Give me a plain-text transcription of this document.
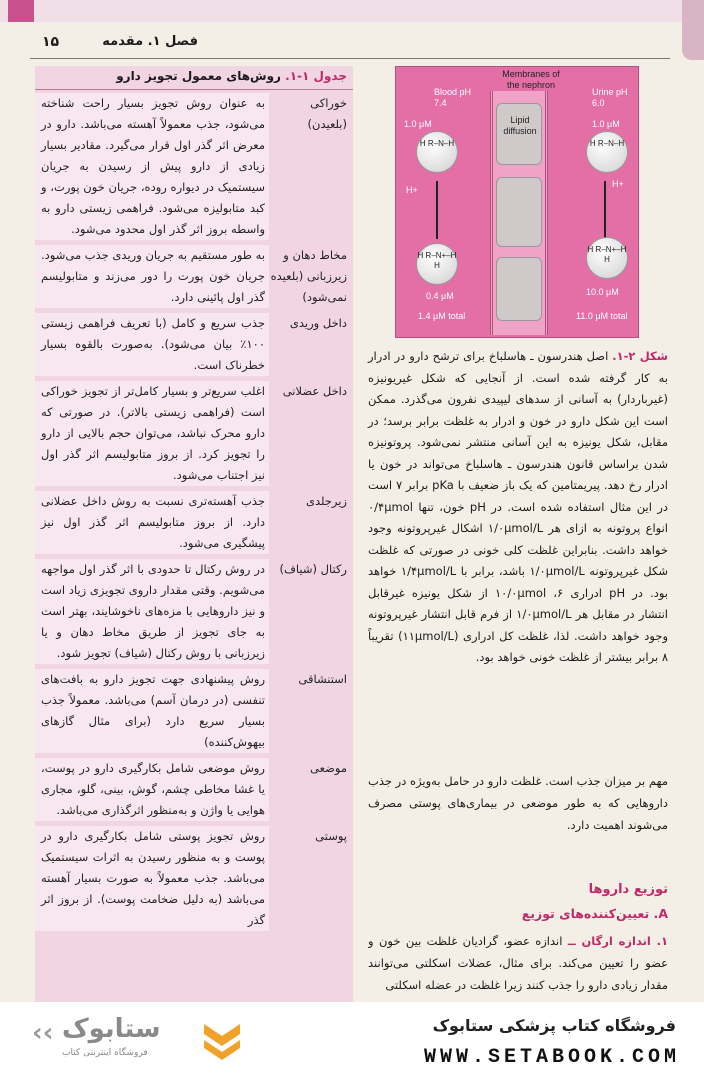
۱۵	فصل ۱. مقدمه
جدول ۱-۱. روش‌های معمول تجویز دارو
خوراکی (بلعیدن)
به عنوان روش تجویز بسیار راحت شناخته می‌شود، جذب معمولاً آهسته می‌باشد. دارو در معرض اثر گذر اول قرار می‌گیرد. مقادیر بسیار زیادی از دارو پیش از رسیدن به جریان سیستمیک در دیواره روده، جریان خون پورت، و کبد متابولیزه می‌شود. فراهمی زیستی دارو به واسطه بروز اثر گذر اول محدود می‌شود.
مخاط دهان و زیرزبانی (بلعیده نمی‌شود)
به طور مستقیم به جریان وریدی جذب می‌شود. جریان خون پورت را دور می‌زند و متابولیسم گذر اول پائینی دارد.
داخل وریدی
جذب سریع و کامل (با تعریف فراهمی زیستی ۱۰۰٪ بیان می‌شود). به‌صورت بالقوه بسیار خطرناک است.
داخل عضلانی
اغلب سریع‌تر و بسیار کامل‌تر از تجویز خوراکی است (فراهمی زیستی بالاتر). در صورتی که دارو محرک نباشد، می‌توان حجم بالایی از دارو را تجویز کرد. از بروز متابولیسم اثر گذر اول نیز اجتناب می‌شود.
زیرجلدی
جذب آهسته‌تری نسبت به روش داخل عضلانی دارد. از بروز متابولیسم اثر گذر اول نیز پیشگیری می‌شود.
رکتال (شیاف)
در روش رکتال تا حدودی با اثر گذر اول مواجهه می‌شویم. وقتی مقدار داروی تجویزی زیاد است و نیز داروهایی با مزه‌های ناخوشایند، بهتر است به جای تجویز از طریق مخاط دهان و یا زیرزبانی با روش رکتال (شیاف) تجویز شود.
استنشاقی
روش پیشنهادی جهت تجویز دارو به بافت‌های تنفسی (در درمان آسم) می‌باشد. معمولاً جذب بسیار سریع دارد (برای مثال گازهای بیهوش‌کننده)
موضعی
روش موضعی شامل بکارگیری دارو در پوست، یا غشا مخاطی چشم، گوش، بینی، گلو، مجاری هوایی یا واژن و به‌منظور اثرگذاری می‌باشد.
پوستی
روش تجویز پوستی شامل بکارگیری دارو در پوست و به منظور رسیدن به اثرات سیستمیک می‌باشد. جذب معمولاً به صورت بسیار آهسته می‌باشد (به دلیل ضخامت پوست). از بروز اثر گذر
Membranes of the nephron
Blood pH 7.4
Urine pH 6.0
Lipid diffusion
1.0 μM	1.0 μM
H R–N–H	H R–N–H
H+
H+
H R–N+–H H
H R–N+–H H
0.4 μM	10.0 μM
1.4 μM total	11.0 μM total
شکل ۲-۱. اصل هندرسون ـ هاسلباخ برای ترشح دارو در ادرار به کار گرفته شده است. از آنجایی که شکل غیریونیزه (غیرباردار) به آسانی از سدهای لیپیدی نفرون می‌گذرد. ممکن است این شکل دارو در خون و ادرار به غلظت برابر برسد؛ در مقابل، شکل یونیزه به این آسانی منتشر نمی‌شود. پروتونیزه شدن براساس قانون هندرسون ـ هاسلباخ می‌تواند در خون یا ادرار رخ دهد. پیریمتامین که یک باز ضعیف با pKa برابر ۷ است در این مثال استفاده شده است. در pH خون، تنها ۰/۴μmol انواع پروتونه به ازای هر ۱/۰μmol/L اشکال غیرپروتونه وجود خواهد داشت. بنابراین غلظت کلی خونی در صورتی که غلظت شکل غیرپروتونه ۱/۰μmol/L باشد، برابر با ۱/۴μmol/L خواهد بود. در pH ادراری ۶، ۱۰/۰μmol از شکل یونیزه غیرقابل انتشار در مقابل هر ۱/۰μmol/L از فرم قابل انتشار غیرپروتونه وجود خواهد داشت. لذا، غلظت کل ادراری (۱۱μmol/L) تقریباً ۸ برابر بیشتر از غلظت خونی خواهد بود.
مهم بر میزان جذب است. غلظت دارو در حامل به‌ویژه در جذب داروهایی که به طور موضعی در بیماری‌های پوستی مصرف می‌شوند اهمیت دارد.
توزیع داروها
A. تعیین‌کننده‌های توزیع
۱. اندازه ارگان ــ اندازه عضو، گرادیان غلظت بین خون و عضو را تعیین می‌کند. برای مثال، عضلات اسکلتی می‌توانند مقدار زیادی دارو را جذب کنند زیرا غلظت در عضله اسکلتی
‹‹ ستابوک
فروشگاه اینترنتی کتاب
فروشگاه کتاب پزشکی ستابوک
WWW.SETABOOK.COM
